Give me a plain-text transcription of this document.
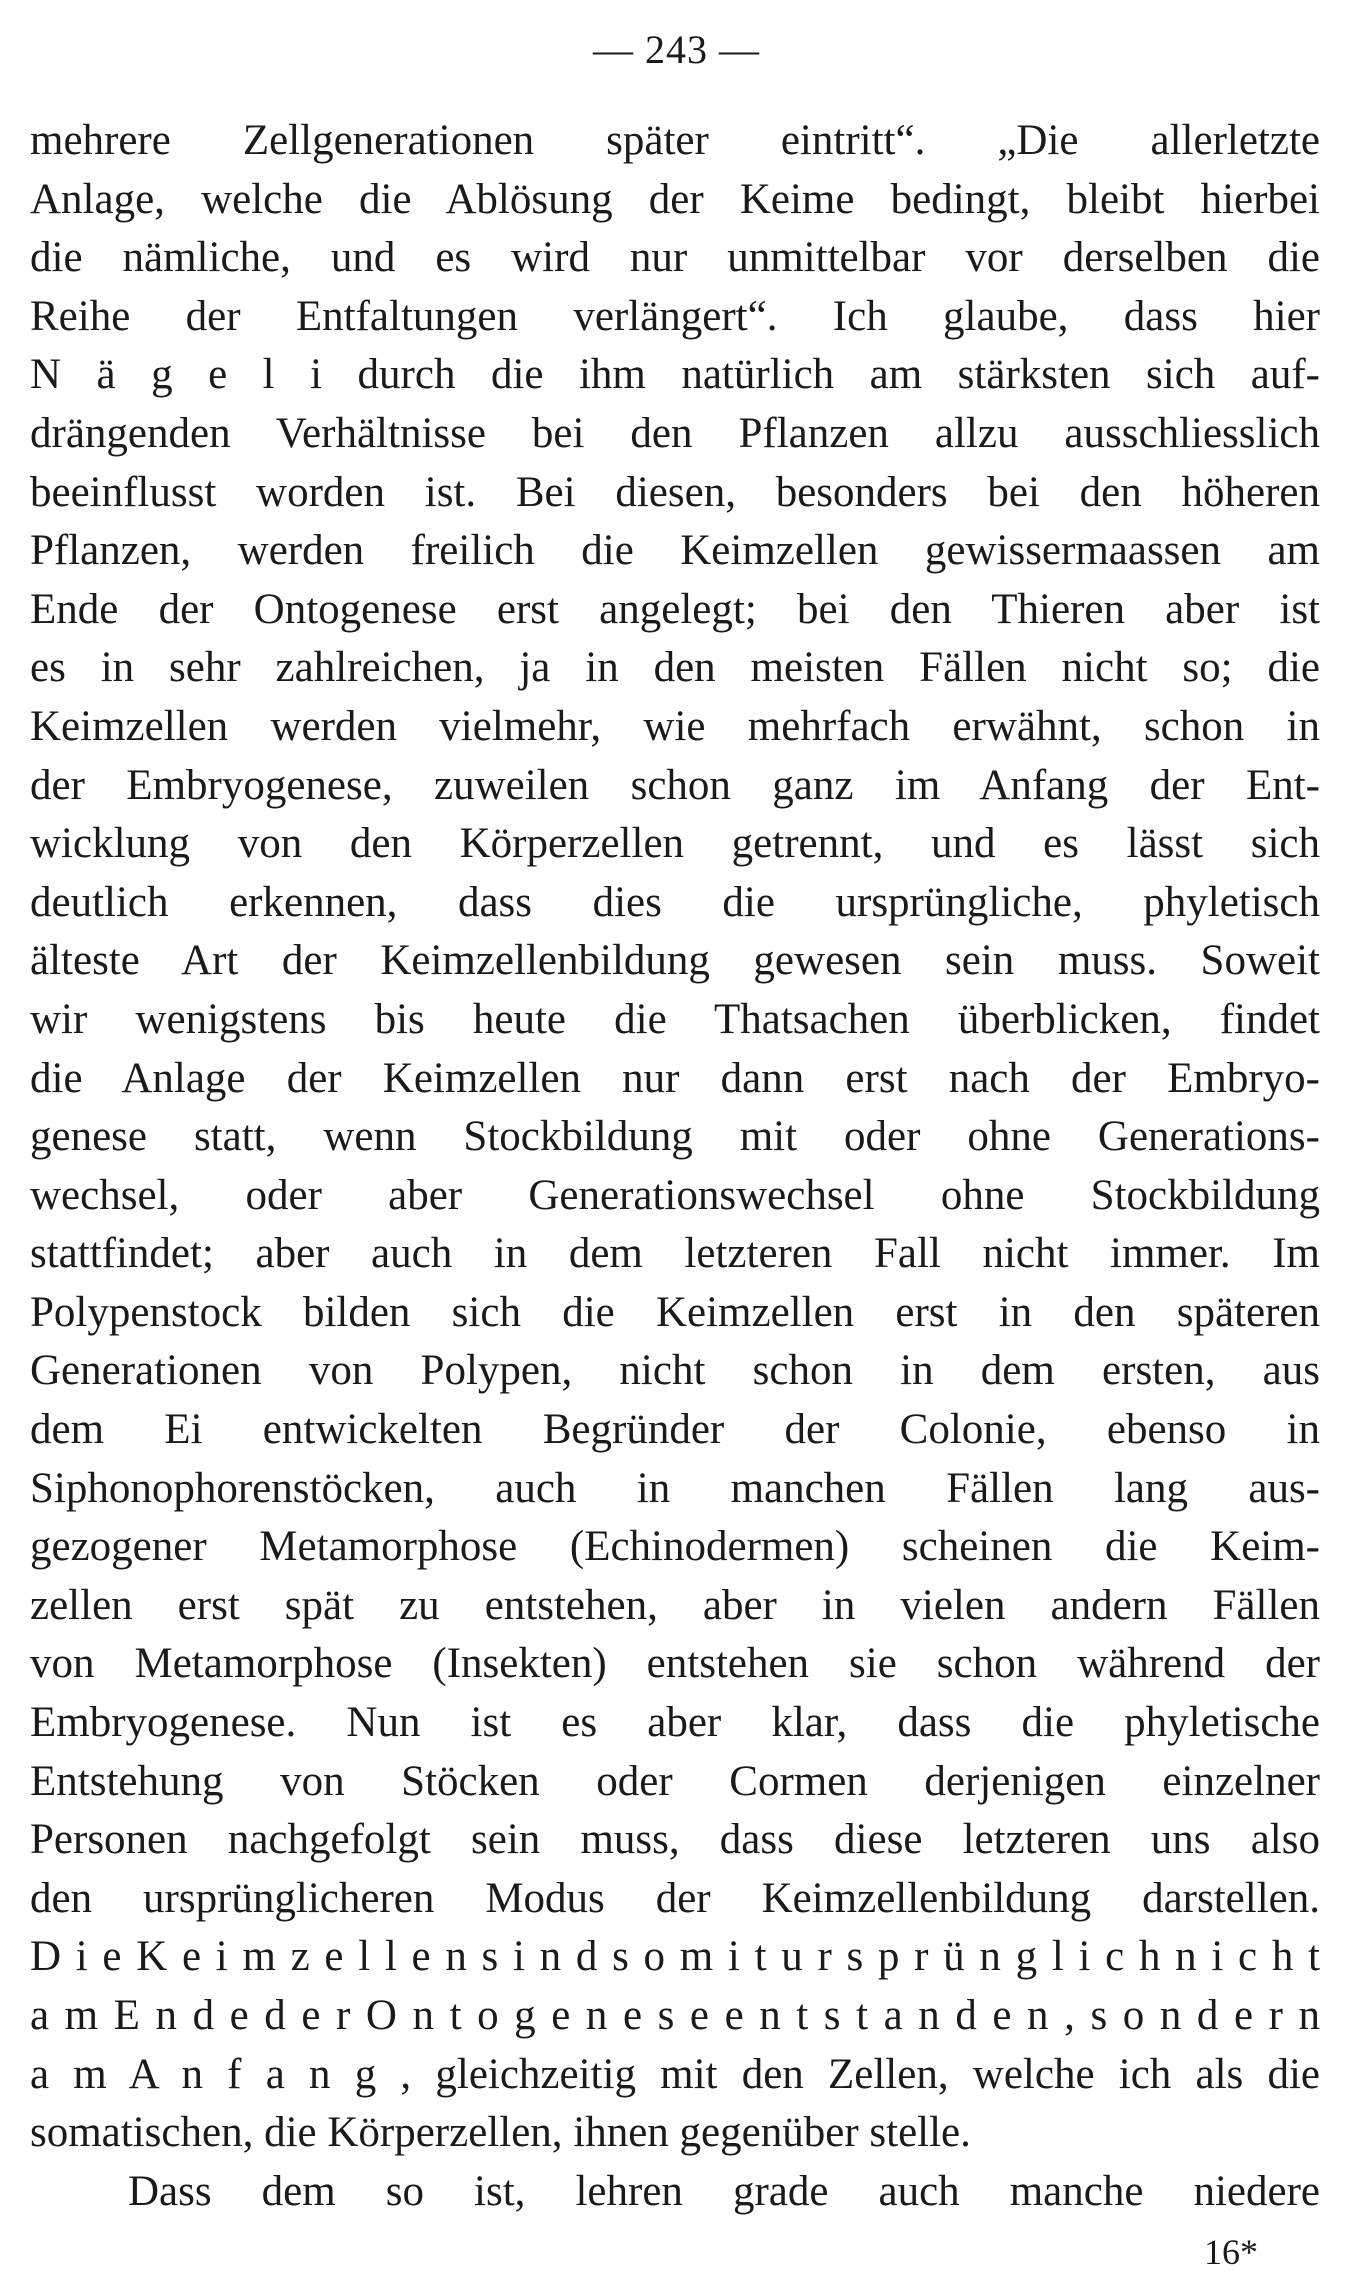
— 243 —
mehrere Zellgenerationen später eintritt“. „Die allerletzte
Anlage, welche die Ablösung der Keime bedingt, bleibt hierbei
die nämliche, und es wird nur unmittelbar vor derselben die
Reihe der Entfaltungen verlängert“. Ich glaube, dass hier
N ä g e l i durch die ihm natürlich am stärksten sich auf-
drängenden Verhältnisse bei den Pflanzen allzu ausschliesslich
beeinflusst worden ist. Bei diesen, besonders bei den höheren
Pflanzen, werden freilich die Keimzellen gewissermaassen am
Ende der Ontogenese erst angelegt; bei den Thieren aber ist
es in sehr zahlreichen, ja in den meisten Fällen nicht so; die
Keimzellen werden vielmehr, wie mehrfach erwähnt, schon in
der Embryogenese, zuweilen schon ganz im Anfang der Ent-
wicklung von den Körperzellen getrennt, und es lässt sich
deutlich erkennen, dass dies die ursprüngliche, phyletisch
älteste Art der Keimzellenbildung gewesen sein muss. Soweit
wir wenigstens bis heute die Thatsachen überblicken, findet
die Anlage der Keimzellen nur dann erst nach der Embryo-
genese statt, wenn Stockbildung mit oder ohne Generations-
wechsel, oder aber Generationswechsel ohne Stockbildung
stattfindet; aber auch in dem letzteren Fall nicht immer. Im
Polypenstock bilden sich die Keimzellen erst in den späteren
Generationen von Polypen, nicht schon in dem ersten, aus
dem Ei entwickelten Begründer der Colonie, ebenso in
Siphonophorenstöcken, auch in manchen Fällen lang aus-
gezogener Metamorphose (Echinodermen) scheinen die Keim-
zellen erst spät zu entstehen, aber in vielen andern Fällen
von Metamorphose (Insekten) entstehen sie schon während der
Embryogenese. Nun ist es aber klar, dass die phyletische
Entstehung von Stöcken oder Cormen derjenigen einzelner
Personen nachgefolgt sein muss, dass diese letzteren uns also
den ursprünglicheren Modus der Keimzellenbildung darstellen.
D i e K e i m z e l l e n s i n d s o m i t u r s p r ü n g l i c h n i c h t
a m E n d e d e r O n t o g e n e s e e n t s t a n d e n , s o n d e r n
a m A n f a n g , gleichzeitig mit den Zellen, welche ich als die
somatischen, die Körperzellen, ihnen gegenüber stelle.
Dass dem so ist, lehren grade auch manche niedere
16*
